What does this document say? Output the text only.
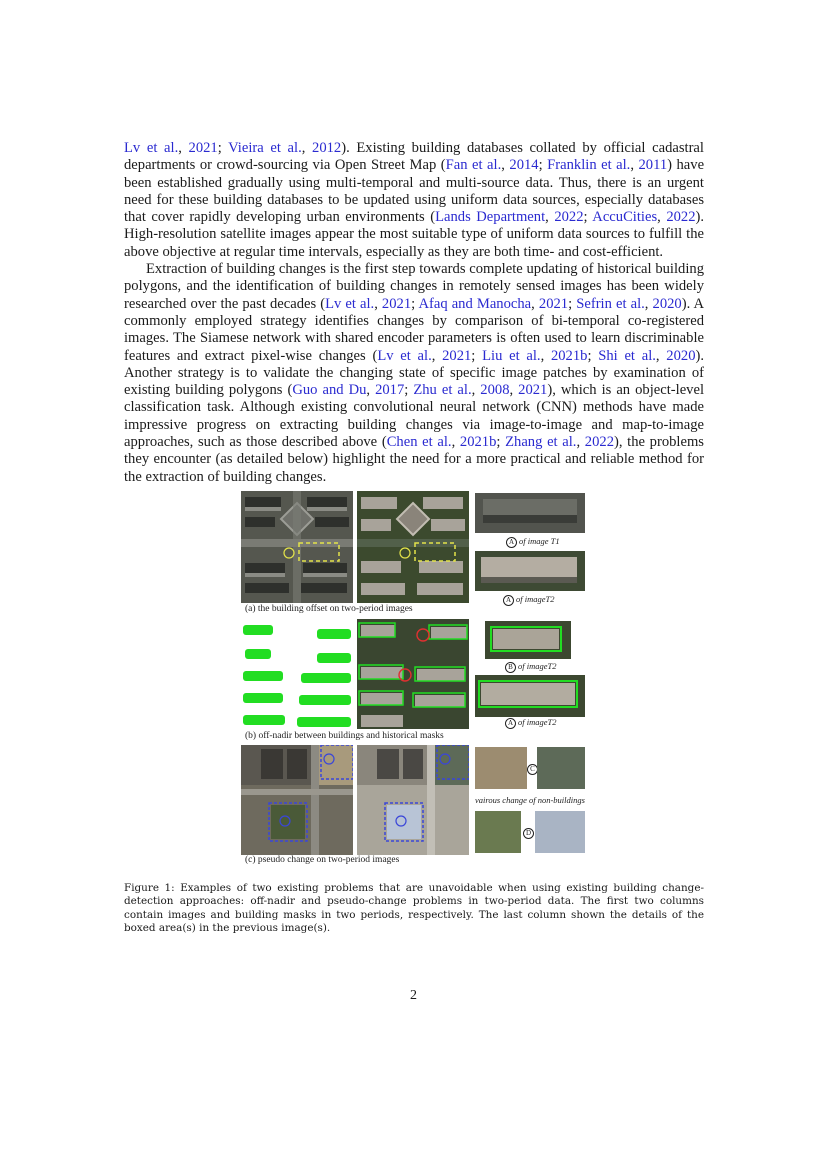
Lv et al., 2021; Vieira et al., 2012). Existing building databases collated by official cadastral departments or crowd-sourcing via Open Street Map (Fan et al., 2014; Franklin et al., 2011) have been established gradually using multi-temporal and multi-source data. Thus, there is an urgent need for these building databases to be updated using uniform data sources, especially databases that cover rapidly developing urban environments (Lands Department, 2022; AccuCities, 2022). High-resolution satellite images appear the most suitable type of uniform data sources to fulfill the above objective at regular time intervals, especially as they are both time- and cost-efficient.

Extraction of building changes is the first step towards complete updating of historical building polygons, and the identification of building changes in remotely sensed images has been widely researched over the past decades (Lv et al., 2021; Afaq and Manocha, 2021; Sefrin et al., 2020). A commonly employed strategy identifies changes by comparison of bi-temporal co-registered images. The Siamese network with shared encoder parameters is often used to learn discriminable features and extract pixel-wise changes (Lv et al., 2021; Liu et al., 2021b; Shi et al., 2020). Another strategy is to validate the changing state of specific image patches by examination of existing building polygons (Guo and Du, 2017; Zhu et al., 2008, 2021), which is an object-level classification task. Although existing convolutional neural network (CNN) methods have made impressive progress on extracting building changes via image-to-image and map-to-image approaches, such as those described above (Chen et al., 2021b; Zhang et al., 2022), the problems they encounter (as detailed below) highlight the need for a more practical and reliable method for the extraction of building changes.

A of image T1
A of imageT2
(a) the building offset on two-period images
B of imageT2
A of imageT2
(b) off-nadir between buildings and historical masks
C
vairous change of non-buildings
D
(c) pseudo change on two-period images
Figure 1: Examples of two existing problems that are unavoidable when using existing building change-detection approaches: off-nadir and pseudo-change problems in two-period data. The first two columns contain images and building masks in two periods, respectively. The last column shown the details of the boxed area(s) in the previous image(s).
2
